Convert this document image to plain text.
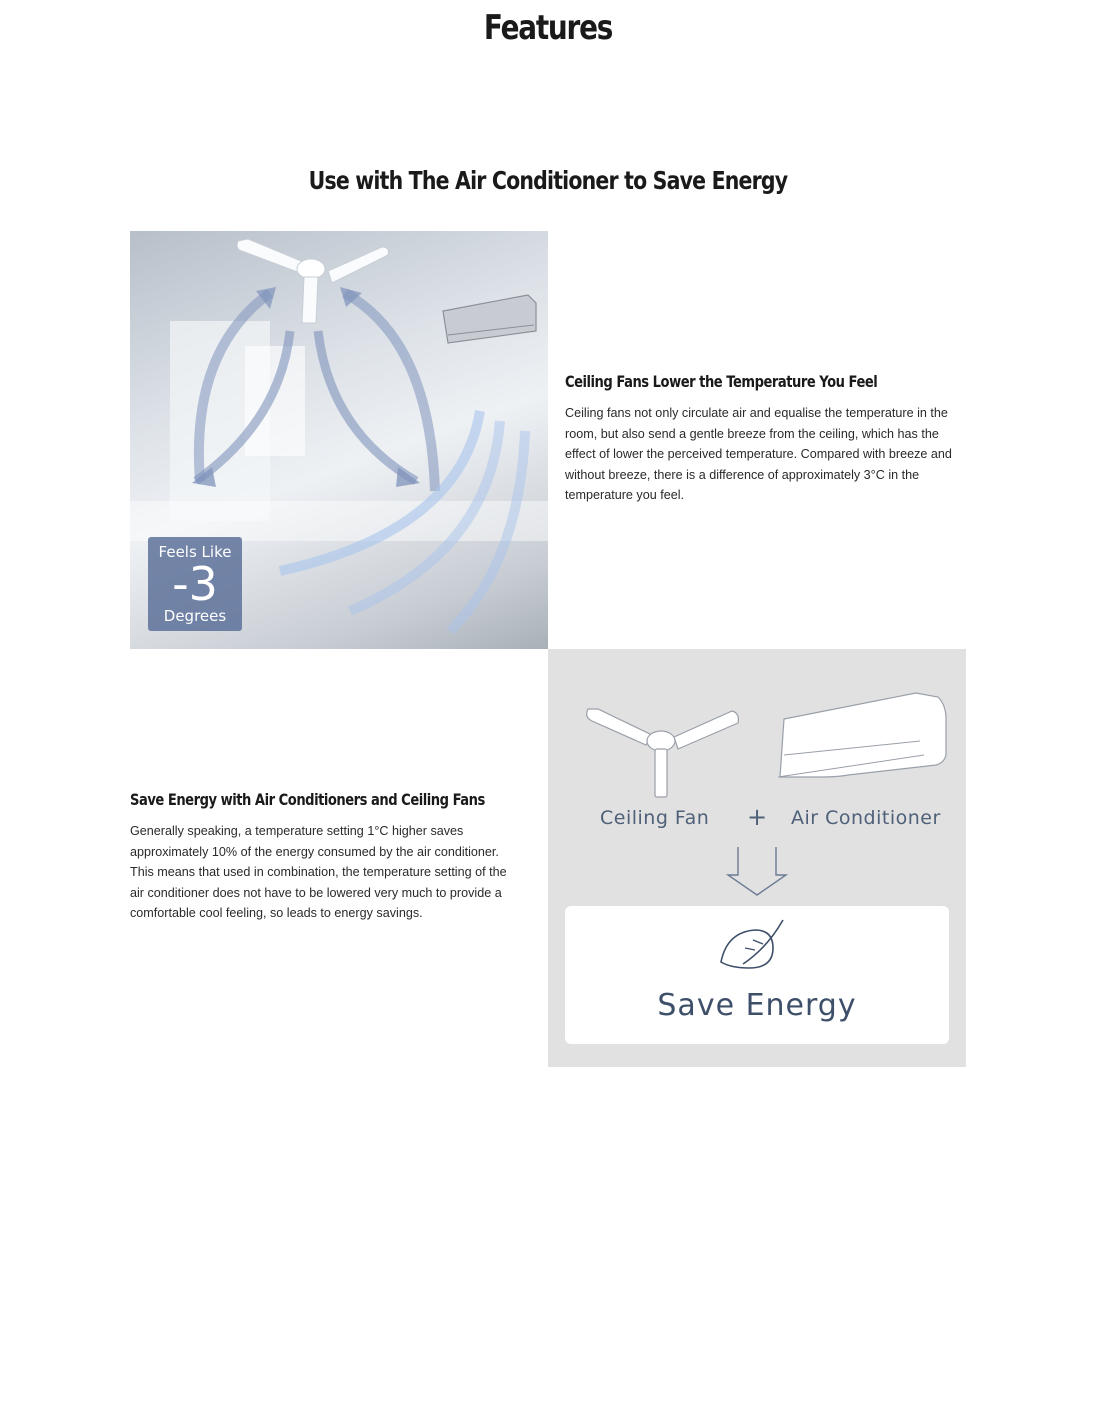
Features
Use with The Air Conditioner to Save Energy
Feels Like
-3
Degrees
Ceiling Fans Lower the Temperature You Feel

Ceiling fans not only circulate air and equalise the temperature in the room, but also send a gentle breeze from the ceiling, which has the effect of lower the perceived temperature. Compared with breeze and without breeze, there is a difference of approximately 3°C in the temperature you feel.

Save Energy with Air Conditioners and Ceiling Fans

Generally speaking, a temperature setting 1°C higher saves approximately 10% of the energy consumed by the air conditioner. This means that used in combination, the temperature setting of the air conditioner does not have to be lowered very much to provide a comfortable cool feeling, so leads to energy savings.

Ceiling Fan + Air Conditioner
Save Energy
